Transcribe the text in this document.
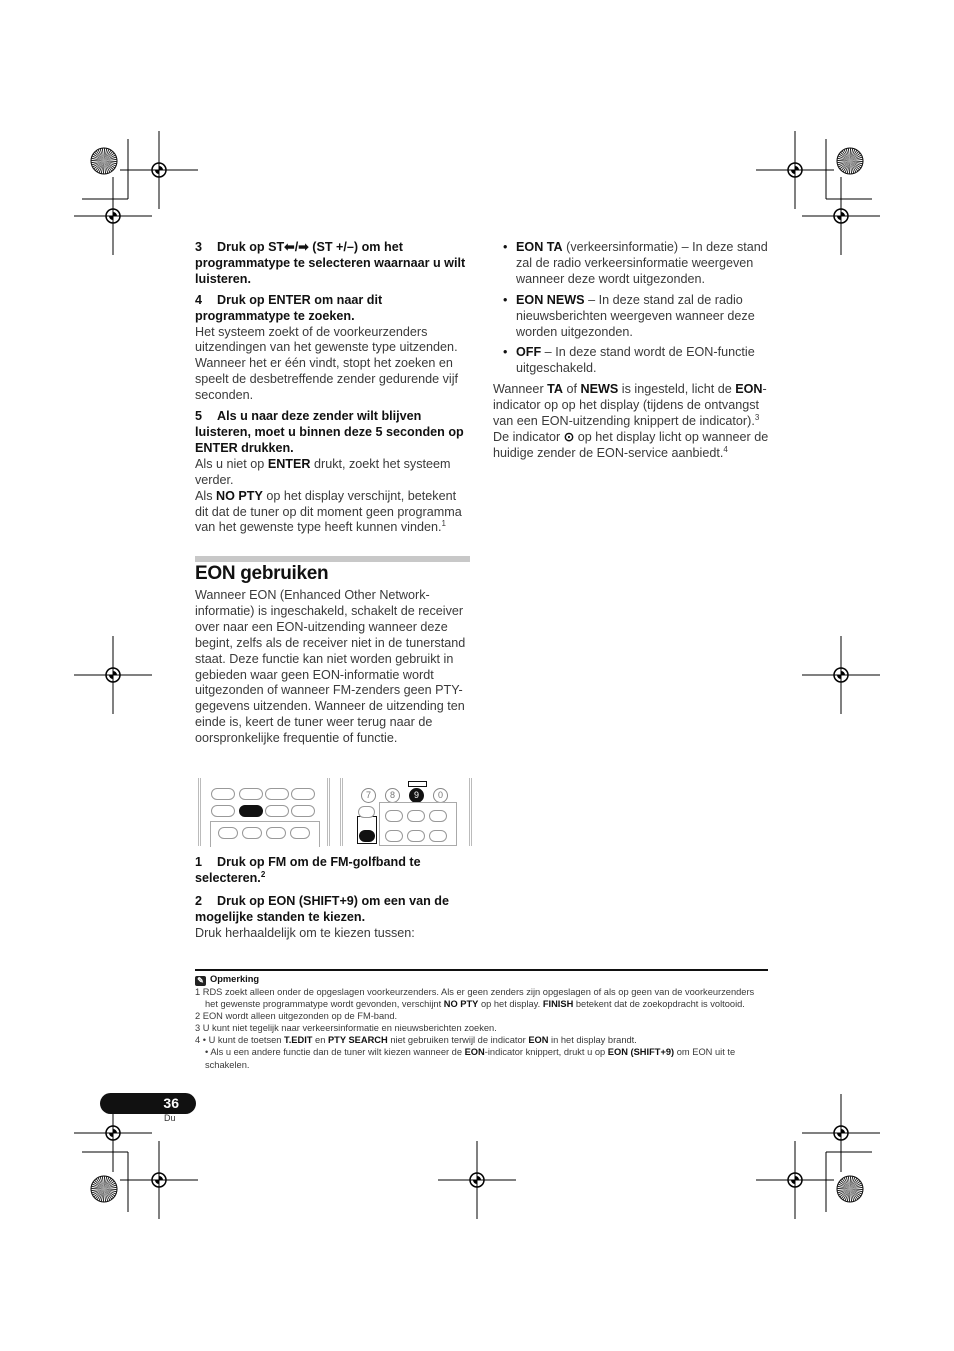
3 Druk op ST⬅/➡ (ST +/–) om het programmatype te selecteren waarnaar u wilt luisteren.

4 Druk op ENTER om naar dit programmatype te zoeken.

Het systeem zoekt of de voorkeurzenders uitzendingen van het gewenste type uitzenden. Wanneer het er één vindt, stopt het zoeken en speelt de desbetreffende zender gedurende vijf seconden.

5 Als u naar deze zender wilt blijven luisteren, moet u binnen deze 5 seconden op ENTER drukken.

Als u niet op ENTER drukt, zoekt het systeem verder.

Als NO PTY op het display verschijnt, betekent dit dat de tuner op dit moment geen programma van het gewenste type heeft kunnen vinden.$^1$

EON gebruiken

Wanneer EON (Enhanced Other Network-informatie) is ingeschakeld, schakelt de receiver over naar een EON-uitzending wanneer deze begint, zelfs als de receiver niet in de tunerstand staat. Deze functie kan niet worden gebruikt in gebieden waar geen EON-informatie wordt uitgezonden of wanneer FM-zenders geen PTY-gegevens uitzenden. Wanneer de uitzending ten einde is, keert de tuner weer terug naar de oorspronkelijke frequentie of functie.

7	8	9	0

1 Druk op FM om de FM-golfband te selecteren.$^2$

2 Druk op EON (SHIFT+9) om een van de mogelijke standen te kiezen.

Druk herhaaldelijk om te kiezen tussen:

• EON TA (verkeersinformatie) – In deze stand zal de radio verkeersinformatie weergeven wanneer deze wordt uitgezonden.

• EON NEWS – In deze stand zal de radio nieuwsberichten weergeven wanneer deze worden uitgezonden.

• OFF – In deze stand wordt de EON-functie uitgeschakeld.

Wanneer TA of NEWS is ingesteld, licht de EON-indicator op op het display (tijdens de ontvangst van een EON-uitzending knippert de indicator).$^3$ De indicator ⊙ op het display licht op wanneer de huidige zender de EON-service aanbiedt.$^4$

✎ Opmerking

1 RDS zoekt alleen onder de opgeslagen voorkeurzenders. Als er geen zenders zijn opgeslagen of als op geen van de voorkeurzenders het gewenste programmatype wordt gevonden, verschijnt NO PTY op het display. FINISH betekent dat de zoekopdracht is voltooid.

2 EON wordt alleen uitgezonden op de FM-band.

3 U kunt niet tegelijk naar verkeersinformatie en nieuwsberichten zoeken.

4 • U kunt de toetsen T.EDIT en PTY SEARCH niet gebruiken terwijl de indicator EON in het display brandt.

• Als u een andere functie dan de tuner wilt kiezen wanneer de EON-indicator knippert, drukt u op EON (SHIFT+9) om EON uit te schakelen.

36
Du
